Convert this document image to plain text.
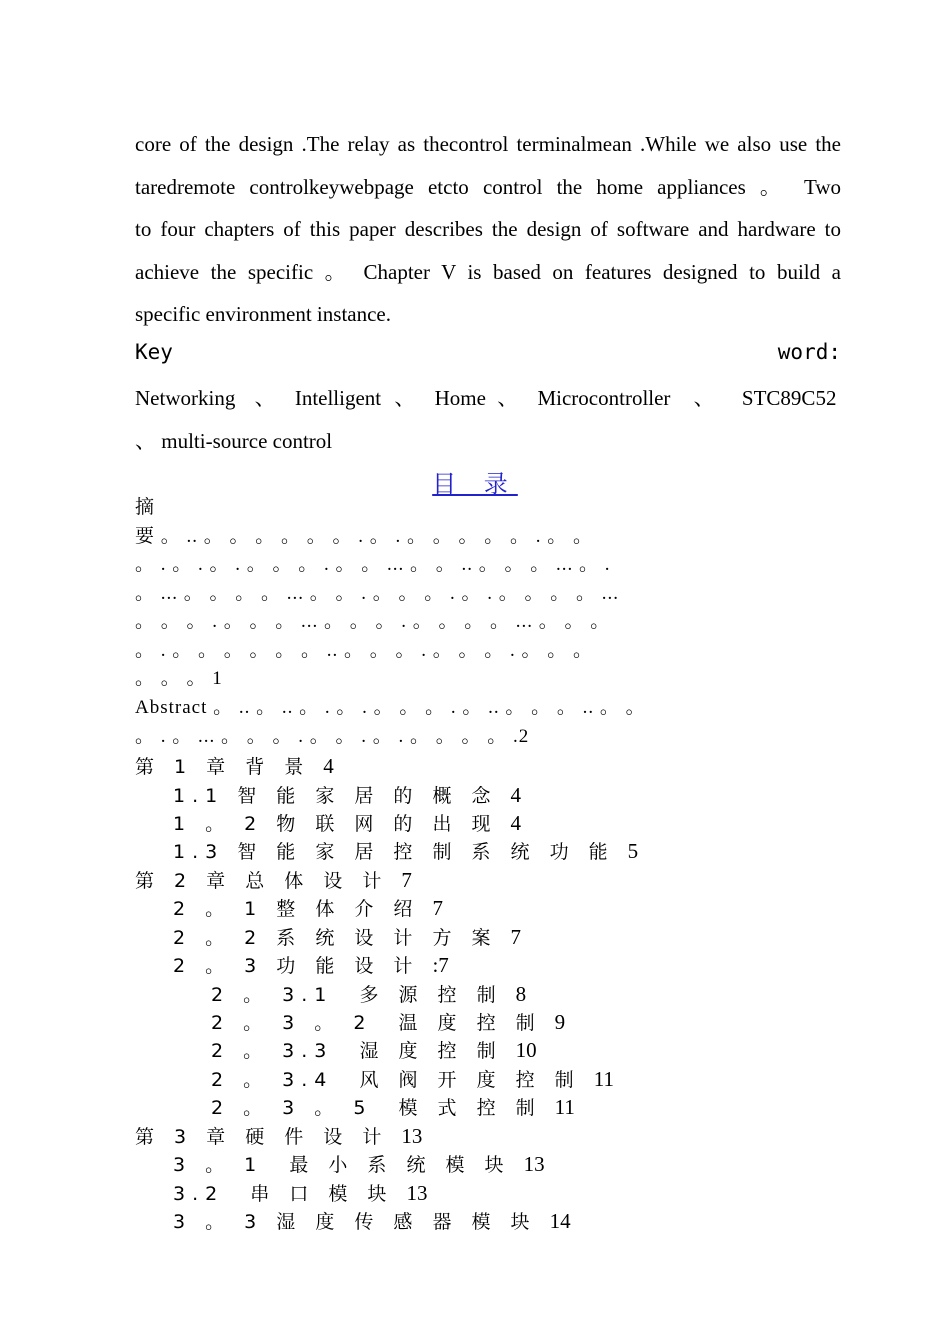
core of the design .The relay as thecontrol terminalmean .While we also use the
taredremote controlkeywebpage etcto control the home appliances 。 Two
to four chapters of this paper describes the design of software and hardware to
achieve the specific 。 Chapter V is based on features designed to build a
specific environment instance.
Key	word:
Networking 、 Intelligent 、 Home 、 Microcontroller 、 STC89C52
、 multi-source control
目 录
摘
要 。 .. 。 。 。 。 。 。 . 。 . 。 。 。 。 。 . 。 。
。 . 。 . 。 . 。 。 。 . 。 。 ... 。 。 .. 。 。 。 ... 。 .
。 ... 。 。 。 。 ... 。 。 . 。 。 。 . 。 . 。 。 。 。 ...
。 。 。 . 。 。 。 ... 。 。 。 . 。 。 。 。 ... 。 。 。
。 . 。 。 。 。 。 。 .. 。 。 。 . 。 。 。 . 。 。 。
。 。 。 1
Abstract 。 .. 。 .. 。 . 。 . 。 。 。 . 。 .. 。 。 。 .. 。 。
。 . 。 ... 。 。 。 . 。 。 . 。 . 。 。 。 。 .2
第 1 章 背 景 4
1.1 智 能 家 居 的 概 念 4
1 。 2 物 联 网 的 出 现 4
1.3 智 能 家 居 控 制 系 统 功 能 5
第 2 章 总 体 设 计 7
2 。 1 整 体 介 绍 7
2 。 2 系 统 设 计 方 案 7
2 。 3 功 能 设 计 :7
2 。 3.1  多 源 控 制 8
2 。 3 。 2  温 度 控 制 9
2 。 3.3  湿 度 控 制 10
2 。 3.4  风 阀 开 度 控 制 11
2 。 3 。 5  模 式 控 制 11
第 3 章 硬 件 设 计 13
3 。 1  最 小 系 统 模 块 13
3.2  串 口 模 块 13
3 。 3 湿 度 传 感 器 模 块 14
